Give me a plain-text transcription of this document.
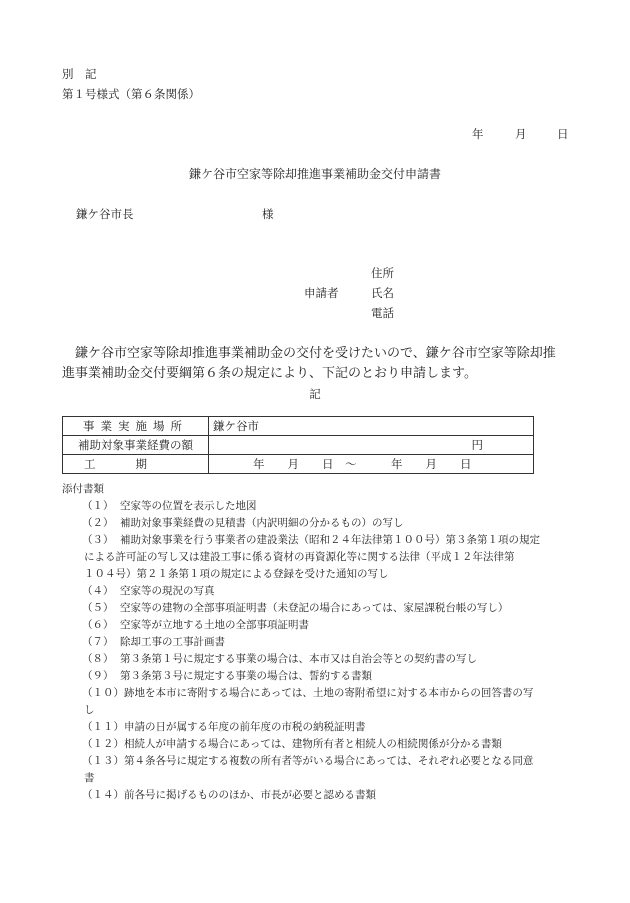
別　記
第１号様式（第６条関係）
年	月	日
鎌ケ谷市空家等除却推進事業補助金交付申請書
鎌ケ谷市長	様
申請者
住所
氏名
電話
鎌ケ谷市空家等除却推進事業補助金の交付を受けたいので、鎌ケ谷市空家等除却推
進事業補助金交付要綱第６条の規定により、下記のとおり申請します。
記
事業実施場所	鎌ケ谷市
補助対象事業経費の額	円
工期	年　　月　　日　～　　　年　　月　　日
添付書類
（１） 空家等の位置を表示した地図
（２） 補助対象事業経費の見積書（内訳明細の分かるもの）の写し
（３） 補助対象事業を行う事業者の建設業法（昭和２４年法律第１００号）第３条第１項の規定
による許可証の写し又は建設工事に係る資材の再資源化等に関する法律（平成１２年法律第
１０４号）第２１条第１項の規定による登録を受けた通知の写し
（４） 空家等の現況の写真
（５） 空家等の建物の全部事項証明書（未登記の場合にあっては、家屋課税台帳の写し）
（６） 空家等が立地する土地の全部事項証明書
（７） 除却工事の工事計画書
（８） 第３条第１号に規定する事業の場合は、本市又は自治会等との契約書の写し
（９） 第３条第３号に規定する事業の場合は、誓約する書類
（１０）跡地を本市に寄附する場合にあっては、土地の寄附希望に対する本市からの回答書の写
し
（１１）申請の日が属する年度の前年度の市税の納税証明書
（１２）相続人が申請する場合にあっては、建物所有者と相続人の相続関係が分かる書類
（１３）第４条各号に規定する複数の所有者等がいる場合にあっては、それぞれ必要となる同意
書
（１４）前各号に掲げるもののほか、市長が必要と認める書類
